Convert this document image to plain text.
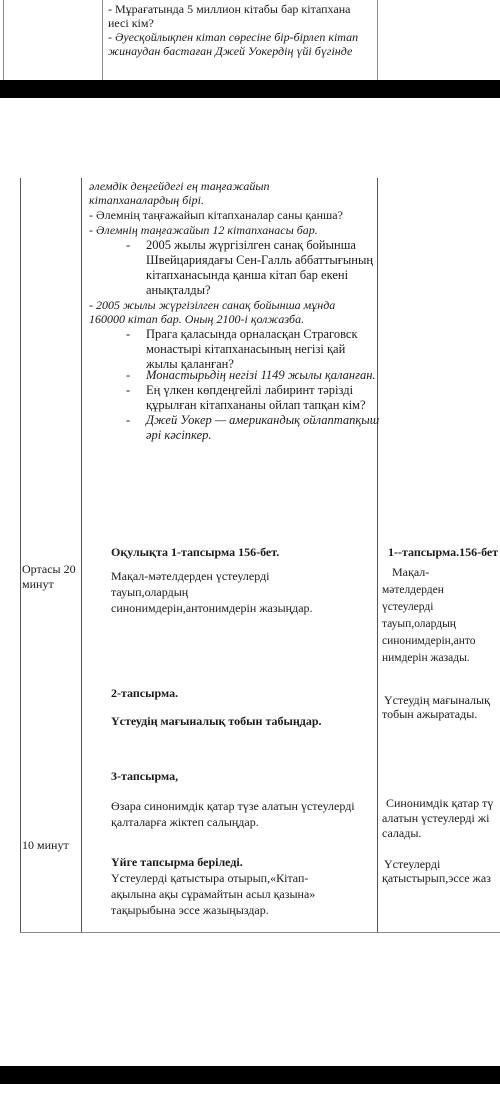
- Мұрағатында 5 миллион кітабы бар кітапхана
иесі кім?
- Әуесқойлықпен кітап сөресіне бір-бірлеп кітап
жинаудан бастаған Джей Уокердің үйі бүгінде
әлемдік деңгейдегі ең таңғажайып
кітапханалардың бірі.
- Әлемнің таңғажайып кітапханалар саны қанша?
- Әлемнің таңғажайып 12 кітапханасы бар.
- 2005 жылы жүргізілген санақ бойынша
Швейцариядағы Сен-Галль аббаттығының
кітапханасында қанша кітап бар екені
анықталды?
- 2005 жылы жүргізілген санақ бойынша мұнда
160000 кітап бар. Оның 2100-і қолжазба.
- Прага қаласында орналасқан Страговск
монастырі кітапханасының негізі қай
жылы қаланған?
- Монастырьдің негізі 1149 жылы қаланған.
- Ең үлкен көпдеңгейлі лабиринт тәрізді
құрылған кітапхананы ойлап тапқан кім?
- Джей Уокер — американдық ойлаптапқыш
әрі кәсіпкер.
Ортасы 20
минут
10 минут
Оқулықта 1-тапсырма 156-бет.
Мақал-мәтелдерден үстеулерді
тауып,олардың
синонимдерін,антонимдерін жазыңдар.
2-тапсырма.
Үстеудің мағыналық тобын табыңдар.
3-тапсырма,
Өзара синонимдік қатар түзе алатын үстеулерді
қалталарға жіктеп салыңдар.
Үйге тапсырма беріледі.
Үстеулерді қатыстыра отырып,«Кітап-
ақылына ақы сұрамайтын асыл қазына»
тақырыбына эссе жазыңыздар.
1--тапсырма.156-бет
Мақал-
мәтелдерден
үстеулерді
тауып,олардың
синонимдерін,анто
нимдерін жазады.
Үстеудің мағыналық
тобын ажыратады.
Синонимдік қатар тү
алатын үстеулерді жі
салады.
Үстеулерді
қатыстырып,эссе жаз
